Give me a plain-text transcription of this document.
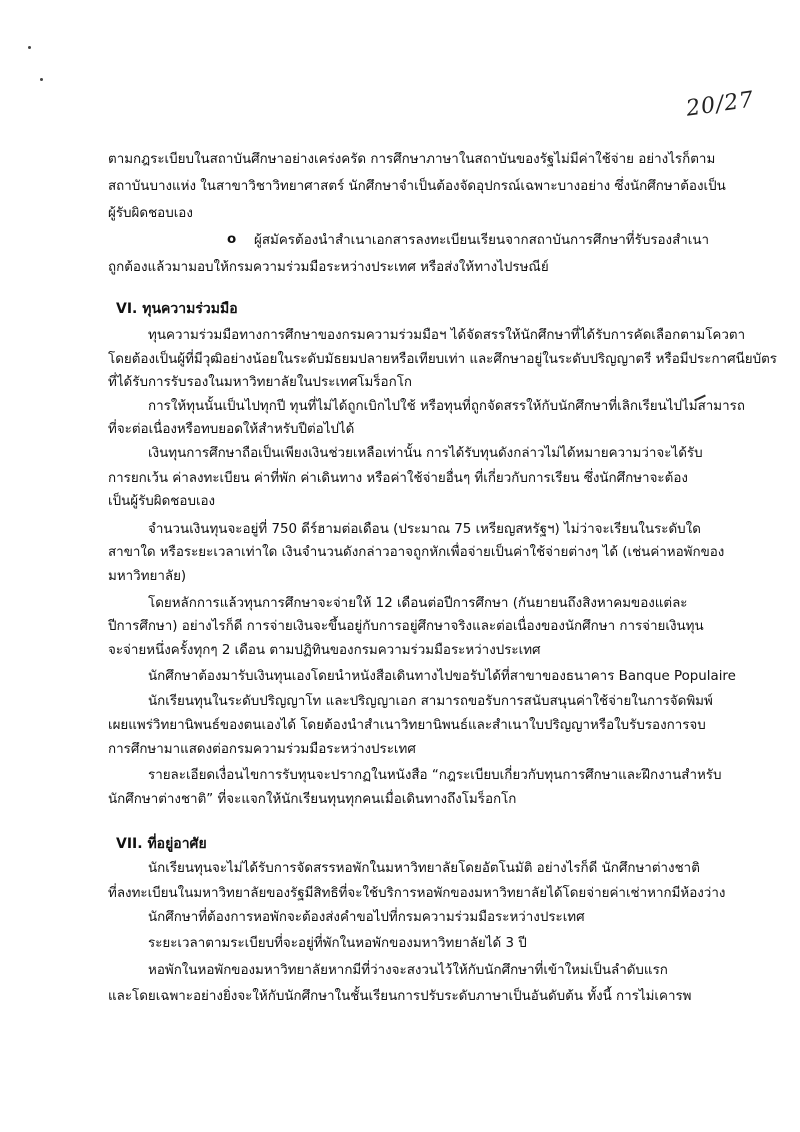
20/27
ตามกฎระเบียบในสถาบันศึกษาอย่างเคร่งครัด การศึกษาภาษาในสถาบันของรัฐไม่มีค่าใช้จ่าย อย่างไรก็ตาม
สถาบันบางแห่ง ในสาขาวิชาวิทยาศาสตร์ นักศึกษาจำเป็นต้องจัดอุปกรณ์เฉพาะบางอย่าง ซึ่งนักศึกษาต้องเป็น
ผู้รับผิดชอบเอง
o ผู้สมัครต้องนำสำเนาเอกสารลงทะเบียนเรียนจากสถาบันการศึกษาที่รับรองสำเนา
ถูกต้องแล้วมามอบให้กรมความร่วมมือระหว่างประเทศ หรือส่งให้ทางไปรษณีย์
VI. ทุนความร่วมมือ
ทุนความร่วมมือทางการศึกษาของกรมความร่วมมือฯ ได้จัดสรรให้นักศึกษาที่ได้รับการคัดเลือกตามโควตา
โดยต้องเป็นผู้ที่มีวุฒิอย่างน้อยในระดับมัธยมปลายหรือเทียบเท่า และศึกษาอยู่ในระดับปริญญาตรี หรือมีประกาศนียบัตร
ที่ได้รับการรับรองในมหาวิทยาลัยในประเทศโมร็อกโก
การให้ทุนนั้นเป็นไปทุกปี ทุนที่ไม่ได้ถูกเบิกไปใช้ หรือทุนที่ถูกจัดสรรให้กับนักศึกษาที่เลิกเรียนไปไม่สามารถ
ที่จะต่อเนื่องหรือทบยอดให้สำหรับปีต่อไปได้
เงินทุนการศึกษาถือเป็นเพียงเงินช่วยเหลือเท่านั้น การได้รับทุนดังกล่าวไม่ได้หมายความว่าจะได้รับ
การยกเว้น ค่าลงทะเบียน ค่าที่พัก ค่าเดินทาง หรือค่าใช้จ่ายอื่นๆ ที่เกี่ยวกับการเรียน ซึ่งนักศึกษาจะต้อง
เป็นผู้รับผิดชอบเอง
จำนวนเงินทุนจะอยู่ที่ 750 ดีร์ฮามต่อเดือน (ประมาณ 75 เหรียญสหรัฐฯ) ไม่ว่าจะเรียนในระดับใด
สาขาใด หรือระยะเวลาเท่าใด เงินจำนวนดังกล่าวอาจถูกหักเพื่อจ่ายเป็นค่าใช้จ่ายต่างๆ ได้ (เช่นค่าหอพักของ
มหาวิทยาลัย)
โดยหลักการแล้วทุนการศึกษาจะจ่ายให้ 12 เดือนต่อปีการศึกษา (กันยายนถึงสิงหาคมของแต่ละ
ปีการศึกษา) อย่างไรก็ดี การจ่ายเงินจะขึ้นอยู่กับการอยู่ศึกษาจริงและต่อเนื่องของนักศึกษา การจ่ายเงินทุน
จะจ่ายหนึ่งครั้งทุกๆ 2 เดือน ตามปฏิทินของกรมความร่วมมือระหว่างประเทศ
นักศึกษาต้องมารับเงินทุนเองโดยนำหนังสือเดินทางไปขอรับได้ที่สาขาของธนาคาร Banque Populaire
นักเรียนทุนในระดับปริญญาโท และปริญญาเอก สามารถขอรับการสนับสนุนค่าใช้จ่ายในการจัดพิมพ์
เผยแพร่วิทยานิพนธ์ของตนเองได้ โดยต้องนำสำเนาวิทยานิพนธ์และสำเนาใบปริญญาหรือใบรับรองการจบ
การศึกษามาแสดงต่อกรมความร่วมมือระหว่างประเทศ
รายละเอียดเงื่อนไขการรับทุนจะปรากฏในหนังสือ “กฎระเบียบเกี่ยวกับทุนการศึกษาและฝึกงานสำหรับ
นักศึกษาต่างชาติ” ที่จะแจกให้นักเรียนทุนทุกคนเมื่อเดินทางถึงโมร็อกโก
VII. ที่อยู่อาศัย
นักเรียนทุนจะไม่ได้รับการจัดสรรหอพักในมหาวิทยาลัยโดยอัตโนมัติ อย่างไรก็ดี นักศึกษาต่างชาติ
ที่ลงทะเบียนในมหาวิทยาลัยของรัฐมีสิทธิที่จะใช้บริการหอพักของมหาวิทยาลัยได้โดยจ่ายค่าเช่าหากมีห้องว่าง
นักศึกษาที่ต้องการหอพักจะต้องส่งคำขอไปที่กรมความร่วมมือระหว่างประเทศ
ระยะเวลาตามระเบียบที่จะอยู่ที่พักในหอพักของมหาวิทยาลัยได้ 3 ปี
หอพักในหอพักของมหาวิทยาลัยหากมีที่ว่างจะสงวนไว้ให้กับนักศึกษาที่เข้าใหม่เป็นลำดับแรก
และโดยเฉพาะอย่างยิ่งจะให้กับนักศึกษาในชั้นเรียนการปรับระดับภาษาเป็นอันดับต้น ทั้งนี้ การไม่เคารพ
